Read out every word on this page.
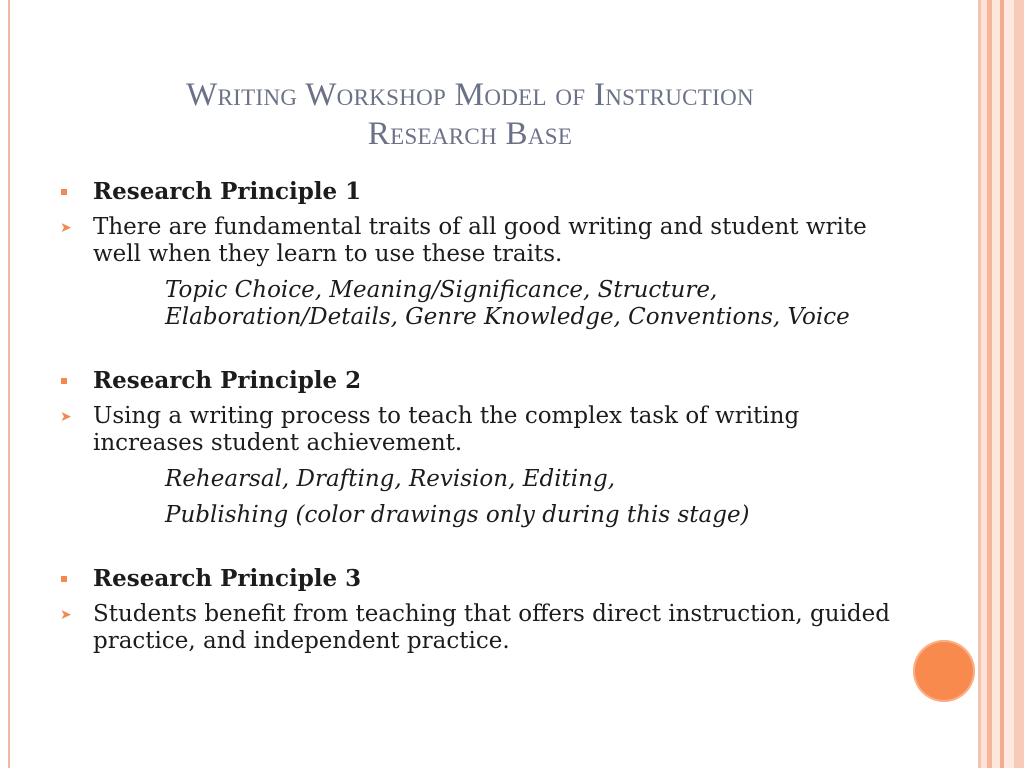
Writing Workshop Model of Instruction
Research Base
Research Principle 1
➤ There are fundamental traits of all good writing and student write well when they learn to use these traits.
Topic Choice, Meaning/Significance, Structure, Elaboration/Details, Genre Knowledge, Conventions, Voice
Research Principle 2
➤ Using a writing process to teach the complex task of writing increases student achievement.
Rehearsal, Drafting, Revision, Editing,
Publishing (color drawings only during this stage)
Research Principle 3
➤ Students benefit from teaching that offers direct instruction, guided practice, and independent practice.
